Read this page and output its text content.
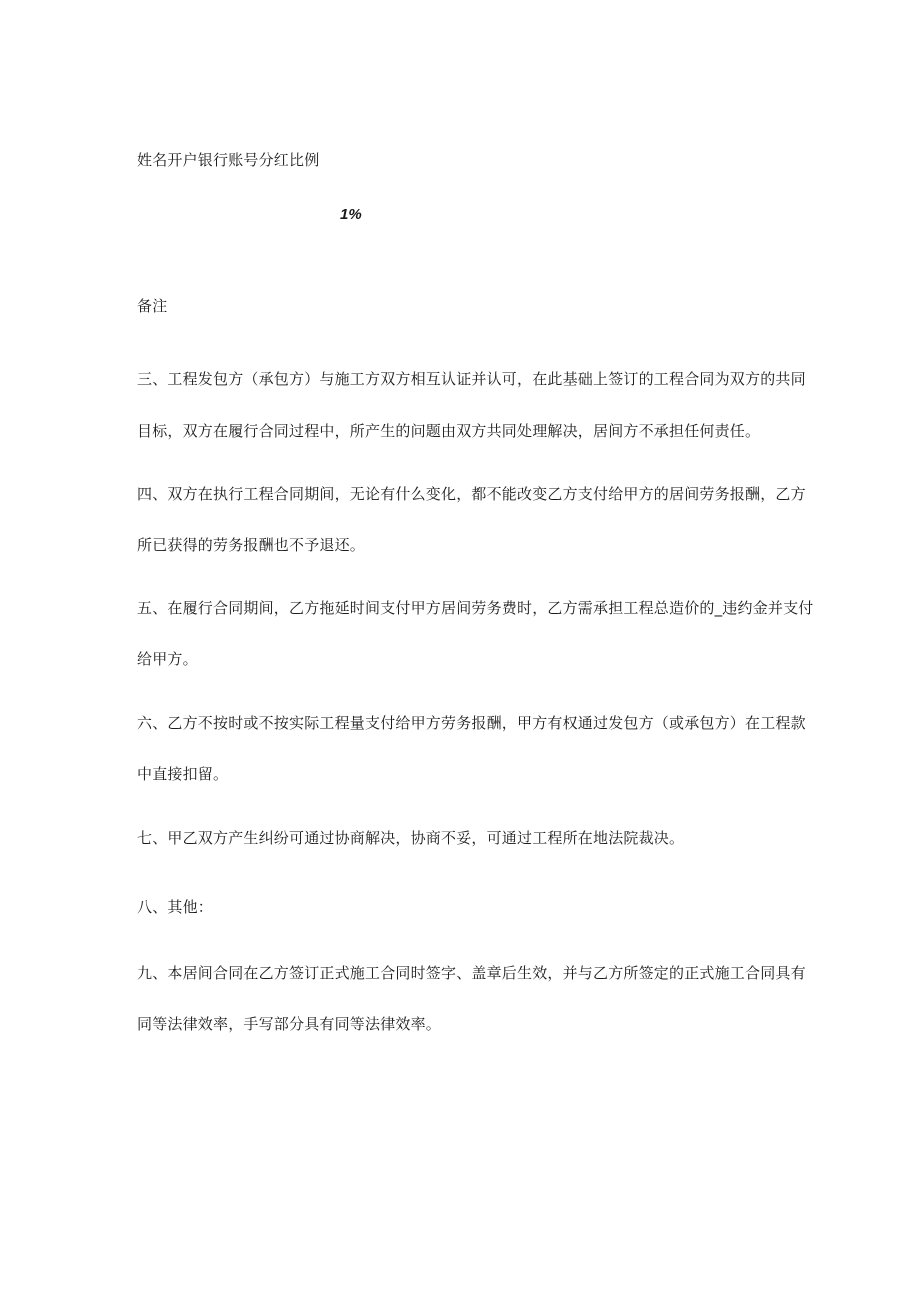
姓名开户银行账号分红比例
1%
备注
三、工程发包方（承包方）与施工方双方相互认证并认可，在此基础上签订的工程合同为双方的共同
目标，双方在履行合同过程中，所产生的问题由双方共同处理解决，居间方不承担任何责任。
四、双方在执行工程合同期间，无论有什么变化，都不能改变乙方支付给甲方的居间劳务报酬，乙方
所已获得的劳务报酬也不予退还。
五、在履行合同期间，乙方拖延时间支付甲方居间劳务费时，乙方需承担工程总造价的_违约金并支付
给甲方。
六、乙方不按时或不按实际工程量支付给甲方劳务报酬，甲方有权通过发包方（或承包方）在工程款
中直接扣留。
七、甲乙双方产生纠纷可通过协商解决，协商不妥，可通过工程所在地法院裁决。
八、其他：
九、本居间合同在乙方签订正式施工合同时签字、盖章后生效，并与乙方所签定的正式施工合同具有
同等法律效率，手写部分具有同等法律效率。
